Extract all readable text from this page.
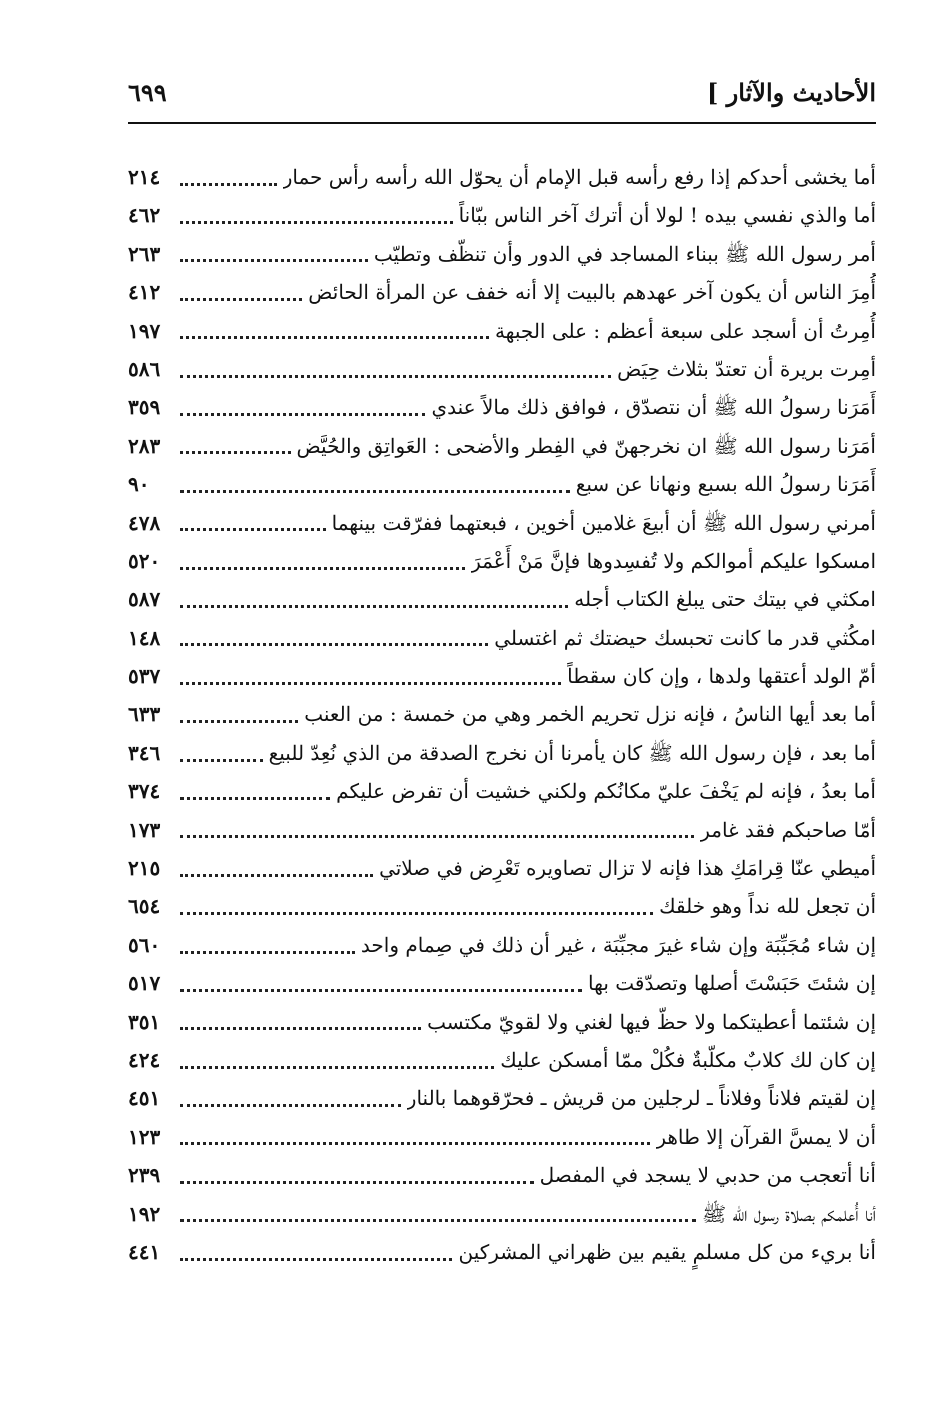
الأحاديث والآثار ]
٦٩٩
أما يخشى أحدكم إذا رفع رأسه قبل الإمام أن يحوّل الله رأسه رأس حمار
٢١٤
أما والذي نفسي بيده ! لولا أن أترك آخر الناس ببّاناً
٤٦٢
أمر رسول الله ﷺ ببناء المساجد في الدور وأن تنظّف وتطيّب
٢٦٣
أُمِرَ الناس أن يكون آخر عهدهم بالبيت إلا أنه خفف عن المرأة الحائض
٤١٢
أُمِرتُ أن أسجد على سبعة أعظم : على الجبهة
١٩٧
أمِرت بريرة أن تعتدّ بثلاث حِيَض
٥٨٦
أَمَرَنا رسولُ الله ﷺ أن نتصدّق ، فوافق ذلك مالاً عندي
٣٥٩
أمَرَنا رسول الله ﷺ ان نخرجهنّ في الفِطر والأضحى : العَواتِق والحُيَّض
٢٨٣
أَمَرَنا رسولُ الله بسبع ونهانا عن سبع
٩٠
أمرني رسول الله ﷺ أن أبيعَ غلامين أخوين ، فبعتهما ففرّقت بينهما
٤٧٨
امسكوا عليكم أموالكم ولا تُفسِدوها فإنَّ مَنْ أَعْمَرَ
٥٢٠
امكثي في بيتك حتى يبلغ الكتاب أجله
٥٨٧
امكُثي قدر ما كانت تحبسك حيضتك ثم اغتسلي
١٤٨
أمّ الولد أعتقها ولدها ، وإن كان سقطاً
٥٣٧
أما بعد أيها الناسُ ، فإنه نزل تحريم الخمر وهي من خمسة : من العنب
٦٣٣
أما بعد ، فإن رسول الله ﷺ كان يأمرنا أن نخرج الصدقة من الذي نُعِدّ للبيع
٣٤٦
أما بعدُ ، فإنه لم يَخْفَ عليّ مكانُكم ولكني خشيت أن تفرض عليكم
٣٧٤
أمّا صاحبكم فقد غامر
١٧٣
أميطي عنّا قِرامَكِ هذا فإنه لا تزال تصاويره تَعْرِض في صلاتي
٢١٥
أن تجعل لله نداً وهو خلقك
٦٥٤
إن شاء مُجَبِّبَة وإن شاء غيرَ مجبِّبَة ، غير أن ذلك في صِمام واحد
٥٦٠
إن شئتَ حَبَسْتَ أصلها وتصدّقت بها
٥١٧
إن شئتما أعطيتكما ولا حظّ فيها لغني ولا لقويّ مكتسب
٣٥١
إن كان لك كلابٌ مكلّبةٌ فكُلْ ممّا أمسكن عليك
٤٢٤
إن لقيتم فلاناً وفلاناً ـ لرجلين من قريش ـ فحرّقوهما بالنار
٤٥١
أن لا يمسَّ القرآن إلا طاهر
١٢٣
أنا أتعجب من حدبي لا يسجد في المفصل
٢٣٩
أنا أُعلمكم بصلاة رسول الله ﷺ
١٩٢
أنا بريء من كل مسلمٍ يقيم بين ظهراني المشركين
٤٤١
